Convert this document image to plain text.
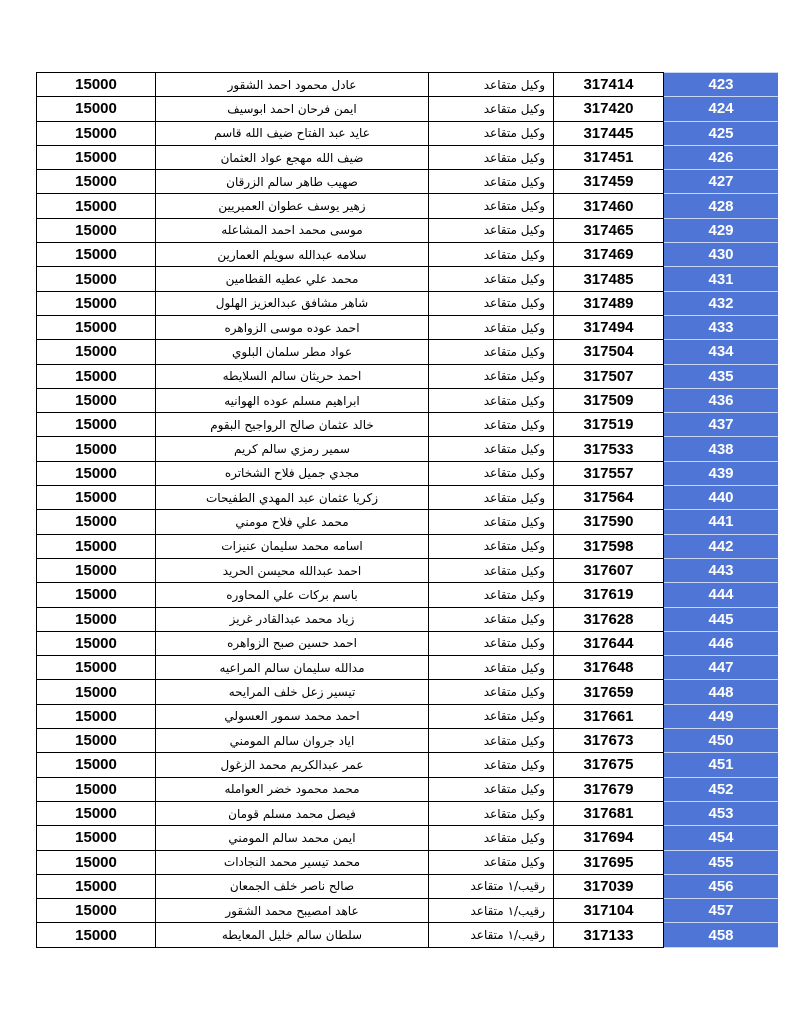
15000	عادل محمود احمد الشقور	وكيل متقاعد	317414	423
15000	ايمن فرحان احمد ابوسيف	وكيل متقاعد	317420	424
15000	عايد عبد الفتاح ضيف الله قاسم	وكيل متقاعد	317445	425
15000	ضيف الله مهجع عواد العثمان	وكيل متقاعد	317451	426
15000	صهيب طاهر سالم الزرقان	وكيل متقاعد	317459	427
15000	زهير يوسف عطوان العميريين	وكيل متقاعد	317460	428
15000	موسى محمد احمد المشاعله	وكيل متقاعد	317465	429
15000	سلامه عبدالله سويلم العمارين	وكيل متقاعد	317469	430
15000	محمد علي عطيه القطامين	وكيل متقاعد	317485	431
15000	شاهر مشافق عبدالعزيز الهلول	وكيل متقاعد	317489	432
15000	احمد عوده موسى الزواهره	وكيل متقاعد	317494	433
15000	عواد مطر سلمان البلوي	وكيل متقاعد	317504	434
15000	احمد حريثان سالم السلايطه	وكيل متقاعد	317507	435
15000	ابراهيم مسلم عوده الهوانيه	وكيل متقاعد	317509	436
15000	خالد عثمان صالح الرواجيح البقوم	وكيل متقاعد	317519	437
15000	سمير رمزي سالم كريم	وكيل متقاعد	317533	438
15000	مجدي جميل فلاح الشخاتره	وكيل متقاعد	317557	439
15000	زكريا عثمان عبد المهدي الطفيحات	وكيل متقاعد	317564	440
15000	محمد علي فلاح مومني	وكيل متقاعد	317590	441
15000	اسامه محمد سليمان عنيزات	وكيل متقاعد	317598	442
15000	احمد عبدالله محيسن الحريد	وكيل متقاعد	317607	443
15000	باسم بركات علي المحاوره	وكيل متقاعد	317619	444
15000	زياد محمد عبدالقادر غريز	وكيل متقاعد	317628	445
15000	احمد حسين صبح الزواهره	وكيل متقاعد	317644	446
15000	مدالله سليمان سالم المراعيه	وكيل متقاعد	317648	447
15000	تيسير زعل خلف المرايحه	وكيل متقاعد	317659	448
15000	احمد محمد سمور العسولي	وكيل متقاعد	317661	449
15000	اياد جروان سالم المومني	وكيل متقاعد	317673	450
15000	عمر عبدالكريم محمد الزغول	وكيل متقاعد	317675	451
15000	محمد محمود خضر العوامله	وكيل متقاعد	317679	452
15000	فيصل محمد مسلم قومان	وكيل متقاعد	317681	453
15000	ايمن محمد سالم المومني	وكيل متقاعد	317694	454
15000	محمد تيسير محمد النجادات	وكيل متقاعد	317695	455
15000	صالح ناصر خلف الجمعان	رقيب/١ متقاعد	317039	456
15000	عاهد امصيبح محمد الشقور	رقيب/١ متقاعد	317104	457
15000	سلطان سالم خليل المعايطه	رقيب/١ متقاعد	317133	458
